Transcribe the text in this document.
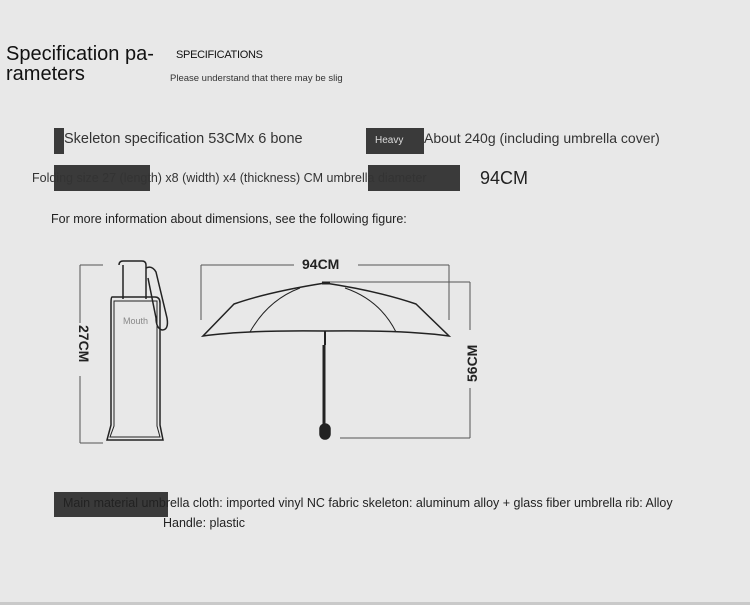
Specification pa-rameters
SPECIFICATIONS
Please understand that there may be slig
Skeleton specification 53CMx 6 bone	Heavy About 240g (including umbrella cover)
Folding size 27 (length) x8 (width) x4 (thickness) CM umbrella diameter	94CM
For more information about dimensions, see the following figure:
27CM
Mouth
94CM
56CM
Main material umbrella cloth: imported vinyl NC fabric skeleton: aluminum alloy + glass fiber umbrella rib: Alloy
Handle: plastic
